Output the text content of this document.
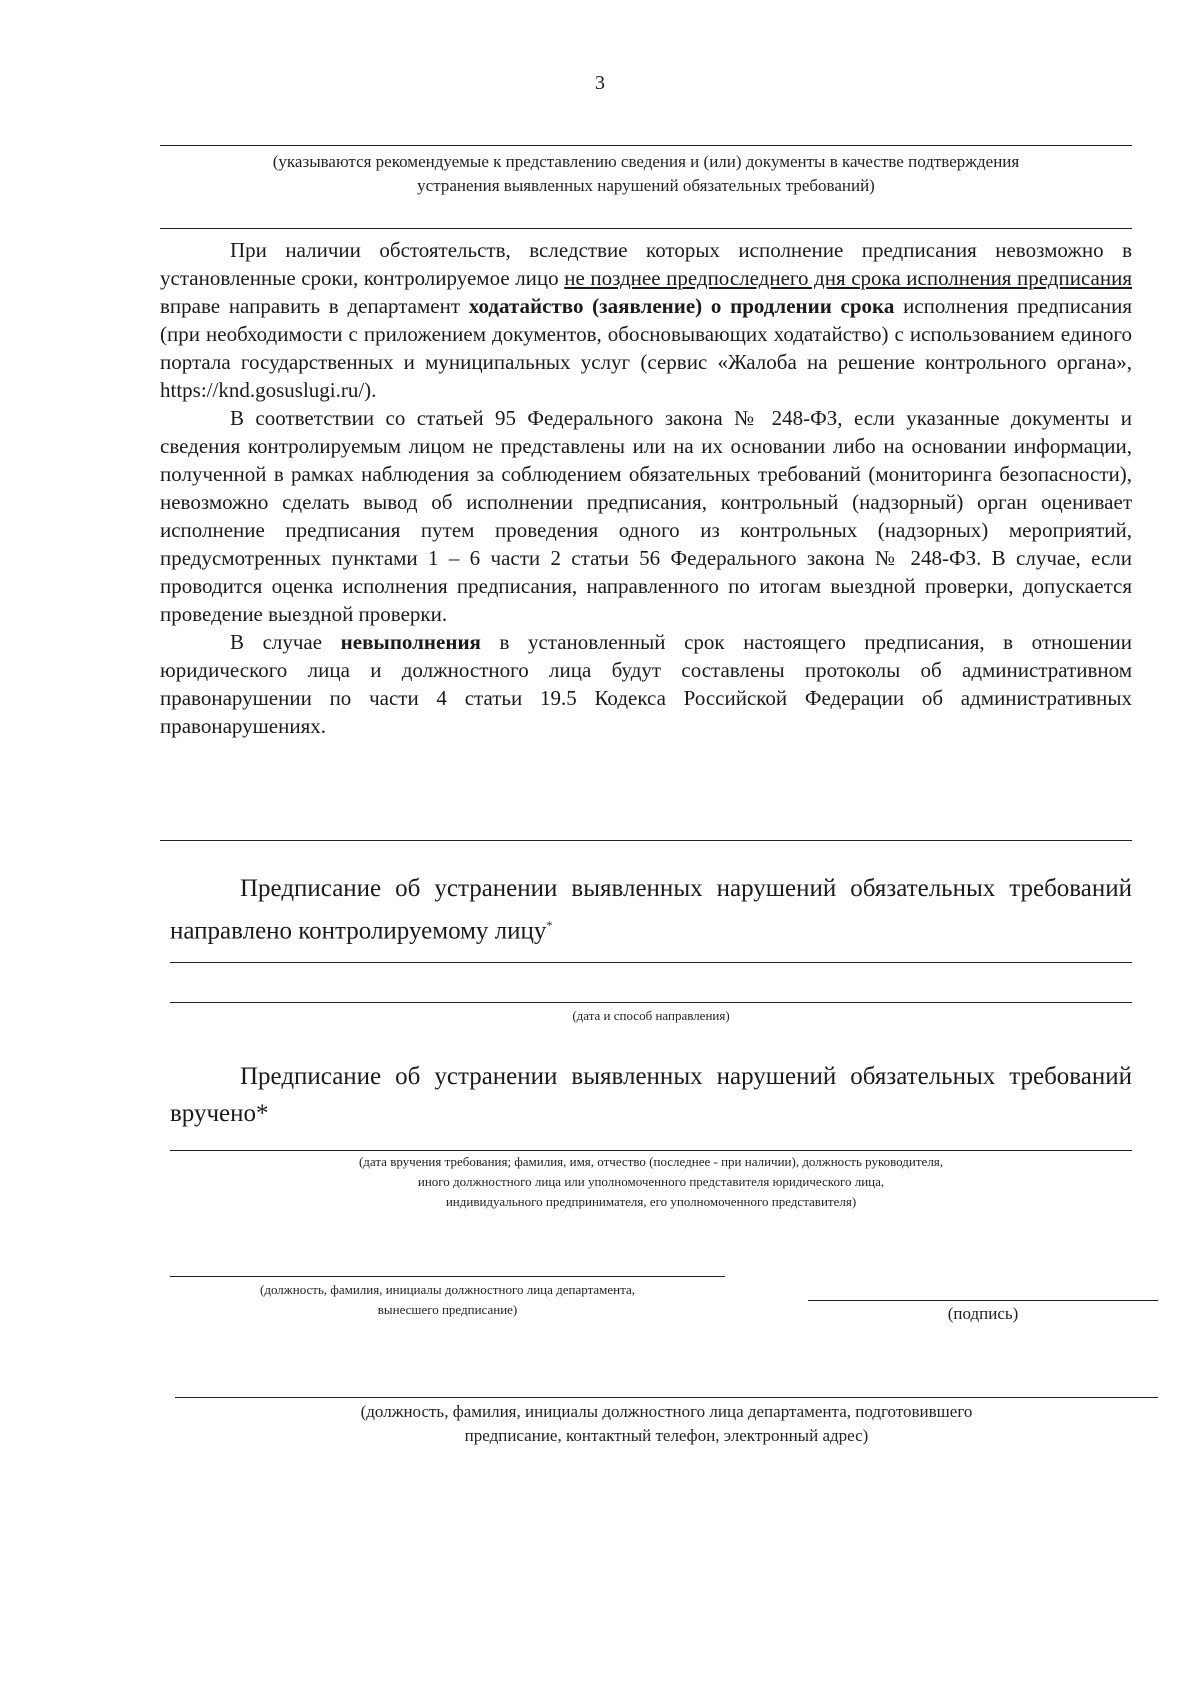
3
(указываются рекомендуемые к представлению сведения и (или) документы в качестве подтверждения
устранения выявленных нарушений обязательных требований)

При наличии обстоятельств, вследствие которых исполнение предписания невозможно в установленные сроки, контролируемое лицо не позднее предпоследнего дня срока исполнения предписания вправе направить в департамент ходатайство (заявление) о продлении срока исполнения предписания (при необходимости с приложением документов, обосновывающих ходатайство) с использованием единого портала государственных и муниципальных услуг (сервис «Жалоба на решение контрольного органа», https://knd.gosuslugi.ru/).

В соответствии со статьей 95 Федерального закона № 248-ФЗ, если указанные документы и сведения контролируемым лицом не представлены или на их основании либо на основании информации, полученной в рамках наблюдения за соблюдением обязательных требований (мониторинга безопасности), невозможно сделать вывод об исполнении предписания, контрольный (надзорный) орган оценивает исполнение предписания путем проведения одного из контрольных (надзорных) мероприятий, предусмотренных пунктами 1 – 6 части 2 статьи 56 Федерального закона № 248-ФЗ. В случае, если проводится оценка исполнения предписания, направленного по итогам выездной проверки, допускается проведение выездной проверки.

В случае невыполнения в установленный срок настоящего предписания, в отношении юридического лица и должностного лица будут составлены протоколы об административном правонарушении по части 4 статьи 19.5 Кодекса Российской Федерации об административных правонарушениях.

Предписание об устранении выявленных нарушений обязательных требований направлено контролируемому лицу*

(дата и способ направления)

Предписание об устранении выявленных нарушений обязательных требований вручено*

(дата вручения требования; фамилия, имя, отчество (последнее - при наличии), должность руководителя,
иного должностного лица или уполномоченного представителя юридического лица,
индивидуального предпринимателя, его уполномоченного представителя)
(должность, фамилия, инициалы должностного лица департамента,
вынесшего предписание)	(подпись)
(должность, фамилия, инициалы должностного лица департамента, подготовившего
предписание, контактный телефон, электронный адрес)
